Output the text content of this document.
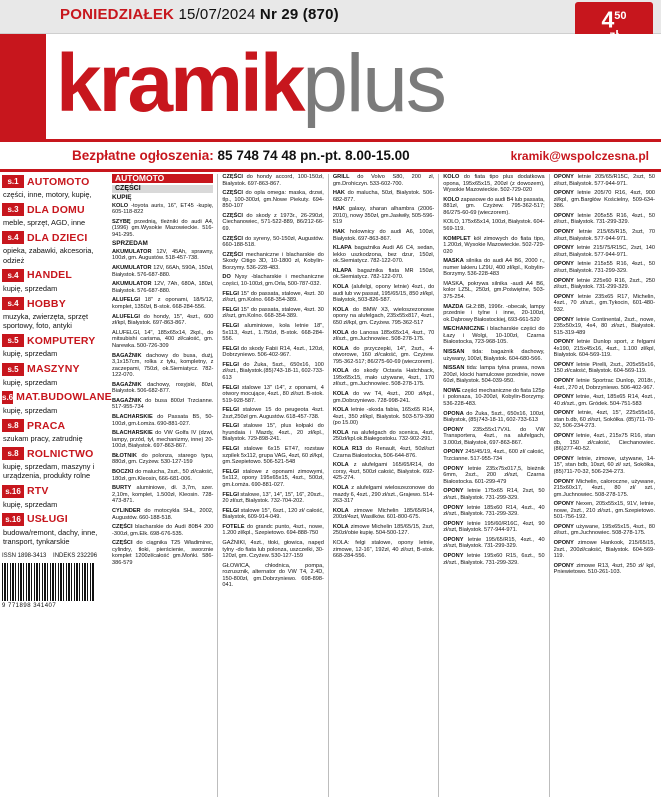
PONIEDZIAŁEK 15/07/2024 Nr 29 (870)	$4^{50}$
kramikplus
Bezpłatne ogłoszenia: 85 748 74 48 pn.-pt. 8.00-15.00	kramik@wspolczesna.pl
s.1 AUTOMOTO
części, inne, motory, kupię,
s.3 DLA DOMU
meble, sprzęt, AGD, inne
s.4 DLA DZIECI
opieka, zabawki, akcesoria, odzież
s.4 HANDEL
kupię, sprzedam
s.4 HOBBY
muzyka, zwierzęta, sprzęt sportowy, foto, antyki
s.5 KOMPUTERY
kupię, sprzedam
s.5 MASZYNY
kupię, sprzedam
s.6 MAT.BUDOWLANE
kupię, sprzedam
s.8 PRACA
szukam pracy, zatrudnię
s.8 ROLNICTWO
kupię, sprzedam, maszyny i urządzenia, produkty rolne
s.16 RTV
kupię, sprzedam
s.16 USŁUGI
budowa/remont, dachy, inne, transport, tynkarskie
ISSN 1898-3413 INDEKS 232296
9 771898 341407
AUTOMOTO
CZĘŚCI
KUPIĘ
KOLO -toyota auris, 16", ET45 -kupię, 605-118-822
SZYBĘ przednią, tleżniki do audi A4, (1996) gm.Wysokie Mazowieckie. 516-941-295.
SPRZEDAM
AKUMULATOR 12V, 45Ah, sprawny, 100zł, gm. Augustów. 518-457-738.
AKUMULATOR 12V, 66Ah, 590A, 150zł, Białystok. 576-687-880.
AKUMULATOR 12V, 7Ah, 680A, 180zł, Białystok. 576-687-880.
ALUFELGI 18" z oponami, 18/5/12, komplet, 1350zł, B-stok. 668-284-556.
ALUFELGI do hondy, 15", 4szt., 600 zł/kpl, Białystok. 697-863-867.
ALUFELGI, 14", 185x65x14, 2kpl., do mitsubishi carisma, 400 zł/całość, gm. Narewka. 500-726-309
BAGAŻNIK dachowy do busa, dużj, 3,1x157cm, rolka z tyłu, kompletny, z zaczepami, 750zł, ok.Siemiatycz. 782-122-070.
BAGAŻNIK dachowy, rosyjski, 80zł, Białystok. 506-682-877.
BAGAŻNIK do busa 800zł Trzcianne. 517-955-734
BLACHARSKIE do Passata B5, 50-100zł, gm.Łomża. 690-881-027.
BLACHARSKIE do VW Golfa IV (dzwi, lampy, przód, tył, mechanizmy, inne) 20-100zł, Białystok. 697-863-867.
BŁOTNIK do polonza, starego typu, 880zł, gm. Czyżew. 530-127-159
BOCZKI do malucha, 2szt., 50 zł/całość, 180zł, gm.Kleosin, 666-681-006.
BURTY aluminiowe, dł. 3,7m, szer. 2,10m, komplet, 1.500zł, Kleosin. 728-473-871.
CYLINDER do motocykla SHL, 2002, Augustów. 660-188-518.
CZĘŚCI blacharskie do Audi 80B4 200 -300zł, gm.Elk. 698-676-535.
CZĘŚCI do ciągnika T25 Władimirec, cylindry, tłoki, pierścienie, sworznie komplet 1200zł/całość gm.Mońki. 586-386-579
CZĘŚCI do hondy accord, 100-150zł, Białystok. 697-863-867.
CZĘŚCI do opla omega: maska, drzwi, tlp., 100-300zł, gm.Nowe Piekuty. 694-850-107
CZĘŚCI do skody z 1973r., 26-290zł, Ciechanowiec, 571-522-889, 86/212-66-69.
CZĘŚCI do syreny, 50-150zł, Augustów. 660-188-518.
CZĘŚCI mechaniczne i blacharskie do Skody Citigo 3D, 10-1800 zł, Kobylin-Borzymy. 536-228-483.
DO Nysy -blacharskie i mechaniczne części, 10-100zł, gm.Orla, 500-787-032.
FELGI 15" do passata, stalowe, 4szt. 30 zł/szt, gm.Kolno. 668-354-389.
FELGI 15" do passata, stalowe, 4szt. 30 zł/szt, gm.Kolno. 668-354-389.
FELGI aluminiowe, koła letnie 18", 5x113, 4szt., 1.750zł, B-stok. 668-284-556.
FELGI do skody Fabii R14, 4szt., 120zł, Dobrzyniewo. 506-402-967.
FELGI do Żuka, 5szt., 650x16, 100 zł/szt., Białystok.(85)743-18-11, 602-733-613
FELGI stalowe 13" i14", z oponami, 4 otwory mocujące, 4szt., 80 zł/szt. B-stok. 519-928-587.
FELGI stalowe 15 do peugeota 4szt. 2szt,250zł gm. Augustów. 618-457-738.
FELGI stalowe 15", plus kołpaki do hyundaia i Mazdy, 4szt., 20 zł/kpl., Białystok. 729-898-241.
FELGI stalowe 6x15 ET47, rozstaw szpilek 5x112, grupa VAG, 4szt, 60 zł/kpl, gm.Szepietowo. 506-521-548
FELGI stalowe z oponami zimowymi, 5x112, opony 195x65x15, 4szt., 500zł, gm.Łomża. 690-881-027.
FELGI stalowe, 13", 14", 15", 16", 20szt., 20 zł/szt, Białystok. 732-704-202.
FELGI stalowe 15", 6szt., 120 zł/ całość, Białystok, 609-914-049.
FOTELE do grandc punto, 4szt., nowe, 1.200 zł/kpl., Szepietowo. 694-888-750
GAŹNIKI, 4szt., tłoki, głowica, napęd tylny -do fiata lub polonza, uszczelki, 30-120zł, gm. Czyżew. 530-127-159
GŁOWICA, chłodnica, pompa, rozrusznik, alternator do VW T4, 2.4D, 150-800zł, gm.Dobrzyniewo. 698-898-041.
GRILL do Volvo S80, 200 zł, gm.Drohiczyn. 533-602-700.
HAK do malucha, 50zł, Białystok. 506-682-877.
HAK galaxy, sharan alhambra (2006-2010), nowy 350zł, gm.Jasłwiły, 505-596-519
HAK holownicy do audi A6, 100zł, Białystok. 697-863-867.
KLAPA bagażnika Audi A6 C4, sedan, lekko uszkodzona, bez dzur, 150zł, ok.Siemiatycz. 782-122-070.
KLAPA bagażnika fiata MR 150zł, ok.Siemiatycz. 782-122-070.
KOLA (alufelgi, opony letnie) 4szt., do audi lub vw passat, 195/65/15, 850 zł/kpl, Białystok, 503-826-587.
KOLA do BMW X3, wieloszezonowe opony na alufelgach, 235x55x817, 4szt., 650 zł/kpl, gm. Czyżew. 795-362-517
KOLA do Lanosa 185x65x14, 4szt., 70 zł/szt., gm.Juchnowiec. 508-278-175.
KOLA do przyczepki, 14", 2szt., 4-otworowe, 160 zł/całość, gm. Czyżew. 795-362-517; 86/275-60-69 (wieczorem).
KOLA do skody Octavia Hatchback, 195x65x15, mało używane, 4szt., 170 zł/szt., gm.Juchnowiec. 508-278-175.
KOLA do vw T4, 4szt., 200 zł/kpl., gm.Dobrzyniewo. 728-998-241.
KOLA letnie -skoda fabia, 165x65 R14, 4szt., 350 zł/kpl, Białystok. 503-579-390 (po 15.00)
KOLA na alufelgach do scenica, 4szt, 250zł/kpl.ok.Białegostoku. 732-902-291.
KOLA R13 do Renault, 4szt, 50zł/szt Czarna Białostocka, 506-644-876.
KOLA z alufelgami 165/65/R14, do corsy, 4szt, 500zł całość, Białystok. 692-425-274.
KOLA z alufelgami wieloszezonowe do mazdy 6, 4szt., 290 zł/szt., Grajewo. 514-263-317
KOLA zimowe Michelin 185/65/R14, 200zł/4szt, Wasilków. 601-800-675.
KOLA zimowe Michelin 185/65/15, 2szt, 250zł/obie kupię. 504-500-127.
KOLA: felgi stalowe, opony letnie, zimowe, 12-16", 192zł, 40 zł/szt, B-stok. 668-284-556.
KOLO do fiata tipo plus dodatkowa opona, 195x65x15, 200zł (z dowozem), Wysokie Mazowieckie. 502-729-020
KOLO zapasowe do audi B4 lub passata, 881zł, gm. Czyżew. 795-362-517; 86/275-60-69 (wieczorem).
KOLO, 175x65x14, 100zł, Białystok. 604-569-119.
KOMPLET kół zimowych do fiata tipo, 1.200zł, Wysokie Mazowieckie. 502-729-020
MASKA silnika do audi A4 B6, 2000 r., numer lakieru LZ9U, 400 zł/kpl., Kobylin-Borzymy. 536-228-483
MASKA, pokrywa silnika -audi A4 B6, kolor LZ5L, 250zł, gm.Poświętne, 503-375-254.
MAZDA GŁ2:8B, 1996r. -obecak, lampy przednie i tylne i inne, 20-100zł, ok.Dąbrowy Białostockiej, 693-661-520
MECHANICZNE i blacharskie części do Łazy i Wolgi, 10-100zł, Czarna Białostocka, 723-968-105.
NISSAN tida: bagażnik dachowy, używany, 100zł, Białystok. 604-680-566.
NISSAN tida: lampa tylna prawa, nowa 200zł, klocki hamulcowe przednie, nowe 60zł, Białystok. 504-039-950.
NOWE części mechaniczne do fiata 125p i polonaza, 10-200zł, Kobylin-Borzymy. 536-228-483.
OPONA do Żuka, 5szt., 650x16, 100zł, Białystok, (85)743-18-11, 602-733-613
OPONY 235x55x17VXL do VW Transportera, 4szt., na alufelgach, 3.000zł, Białystok, 697-863-867.
OPONY 245/45/19, 4szt., 600 zł/ całość, Trzcianne. 517-955-734
OPONY letnie 235x75x017,5, bieżnik 6mm, 2szt., 200 zł/szt, Czarna Białostocka. 601-299-479
OPONY letnie 175x65 R14, 2szt, 50 zł/szt., Białystok. 731-299-329.
OPONY letnie 185x60 R14, 4szt., 40 zł/szt., Białystok. 731-299-329.
OPONY letnie 195/60/R16C, 4szt, 90 zł/szt, Białystok. 577-944-971.
OPONY letnie 195/65/R15, 4szt., 40 zł/szt, Białystok. 731-299-329.
OPONY letnie 195x60 R15, 6szt., 50 zł/szt., Białystok. 731-299-329.
OPONY letnie 205/65/R15C, 2szt, 50 zł/szt, Białystok. 577-944-971.
OPONY letnie 205/70 R16, 4szt, 900 zł/kpl, gm.Bargłów Kościelny, 509-634-386.
OPONY letnie 205x55 R16, 4szt., 50 zł/szt., Białystok. 731-299-329.
OPONY letnie 215/65/R15, 2szt, 70 zł/szt, Białystok. 577-944-971.
OPONY letnie 215/75/R15C, 2szt, 140 zł/szt, Białystok. 577-944-971.
OPONY letnie 215x55 R16, 4szt., 50 zł/szt, Białystok. 731-299-329.
OPONY letnie 225x60 R16, 2szt., 250 zł/szt., Białystok. 731-299-329.
OPONY letnie 235x65 R17, Michelin, 4szt., 70 zł/szt., gm.Tykocin, 601-480-932.
OPONY letnie Continental, 2szt., nowe, 235x50x19, 4x4, 80 zł/szt., Białystok. 515-319-489
OPONY letnie Dunlop sport, z felgami 4x190, 215x45x16, 4szt., 1.100 zł/kpl, Białystok. 604-569-119.
OPONY letnie Pirelli, 2szt., 205x55x16, 150 zł/całość, Białystok. 604-569-119.
OPONY letnie Sportrac Dunlop, 2018r., 4szt., 270 zł, Dobrzyniewo. 506-402-967.
OPONY letnie, 4szt, 185x65 R14, 4szt., 40 zł/szt., gm. Gródek. 504-751-583
OPONY letnie, 4szt, 15", 225x55x16, stan b.db, 60 zł/szt, Sokółka. (85)711-70-32, 506-234-273.
OPONY letnie, 4szt., 215x75 R16, stan db, 150 zł/całość, Ciechanowiec. (86)277-40-52.
OPONY letnie, zimowe, używane, 14-15", stan bdb, 10szt, 60 zł/ szt, Sokółka, (85)711-70-32, 506-234-273.
OPONY Michelin, całoroczne, używane, 215x60x17, 4szt., 80 zł/ szt., gm.Juchnowiec. 508-278-175.
OPONY Nexen, 205x55x15, 91V, letnie, nowe, 2szt., 210 zł/szt., gm.Szepietowo. 501-756-192.
OPONY używane, 195x65x15, 4szt., 80 zł/szt., gm.Juchnowiec. 508-278-175.
OPONY zimowe Hankook, 215/65/15, 2szt., 200zł/całość, Białystok. 604-569-119.
OPONY zimowe R13, 4szt, 250 zł/ kpl, Pniewietowo. 510-261-103.
